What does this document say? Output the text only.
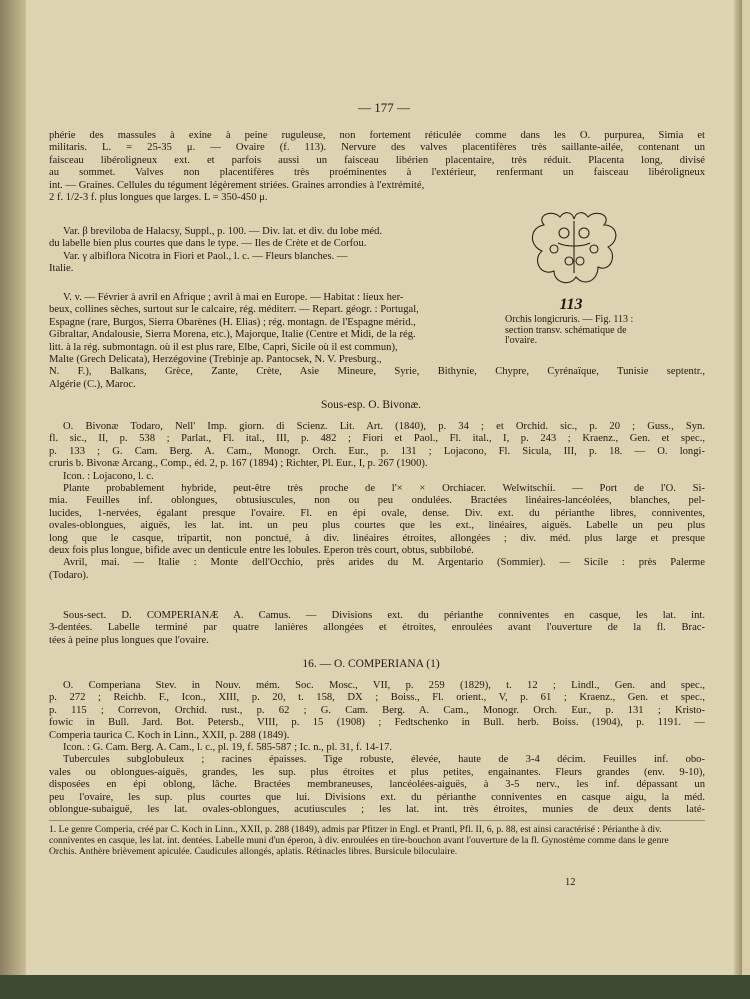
— 177 —
phérie des massules à exine à peine ruguleuse, non fortement réticulée comme dans les O. purpurea, Simia et
militaris. L. = 25-35 μ. — Ovaire (f. 113). Nervure des valves placentifères très saillante-ailée, contenant un
faisceau libéroligneux ext. et parfois aussi un faisceau libérien placentaire, très réduit. Placenta long, divisé
au sommet. Valves non placentifères très proéminentes à l'extérieur, renfermant un faisceau libéroligneux
int. — Graines. Cellules du tégument légèrement striées. Graines arrondies à l'extrémité,
2 f. 1/2-3 f. plus longues que larges. L = 350-450 μ.
Var. β breviloba de Halacsy, Suppl., p. 100. — Div. lat. et div. du lobe méd.
du labelle bien plus courtes que dans le type. — Iles de Crète et de Corfou.
Var. γ albiflora Nicotra in Fiori et Paol., l. c. — Fleurs blanches. —
Italie.
V. v. — Février à avril en Afrique ; avril à mai en Europe. — Habitat : lieux her-
beux, collines sèches, surtout sur le calcaire, rég. méditerr. — Repart. géogr. : Portugal,
Espagne (rare, Burgos, Sierra Obarènes (H. Elias) ; rég. montagn. de l'Espagne mérid.,
Gibraltar, Andalousie, Sierra Morena, etc.), Majorque, Italie (Centre et Midi, de la rég.
litt. à la rég. submontagn. où il est plus rare, Elbe, Capri, Sicile où il est commun),
Malte (Grech Delicata), Herzégovine (Trebinje ap. Pantocsek, N. V. Presburg.,
N. F.), Balkans, Grèce, Zante, Crète, Asie Mineure, Syrie, Bithynie, Chypre, Cyrénaïque, Tunisie septentr.,
Algérie (C.), Maroc.
113
Orchis longicruris. — Fig. 113 : section transv. schématique de l'ovaire.
Sous-esp. O. Bivonæ.
O. Bivonæ Todaro, Nell' Imp. giorn. di Scienz. Lit. Art. (1840), p. 34 ; et Orchid. sic., p. 20 ; Guss., Syn.
fl. sic., II, p. 538 ; Parlat., Fl. ital., III, p. 482 ; Fiori et Paol., Fl. ital., I, p. 243 ; Kraenz., Gen. et spec.,
p. 133 ; G. Cam. Berg. A. Cam., Monogr. Orch. Eur., p. 131 ; Lojacono, Fl. Sicula, III, p. 18. — O. longi-
cruris b. Bivonæ Arcang., Comp., éd. 2, p. 167 (1894) ; Richter, Pl. Eur., I, p. 267 (1900).
Icon. : Lojacono, l. c.
Plante probablement hybride, peut-être très proche de l'× × Orchiacer. Welwitschii. — Port de l'O. Si-
mia. Feuilles inf. oblongues, obtusiuscules, non ou peu ondulées. Bractées linéaires-lancéolées, blanches, pel-
lucides, 1-nervées, égalant presque l'ovaire. Fl. en épi ovale, dense. Div. ext. du périanthe libres, conniventes,
ovales-oblongues, aiguës, les lat. int. un peu plus courtes que les ext., linéaires, aiguës. Labelle un peu plus
long que le casque, tripartit, non ponctué, à div. linéaires étroites, allongées ; div. méd. plus large et presque
deux fois plus longue, bifide avec un denticule entre les lobules. Eperon très court, obtus, subbilobé.
Avril, mai. — Italie : Monte dell'Occhio, près arides du M. Argentario (Sommier). — Sicile : près Palerme
(Todaro).
Sous-sect. D. COMPERIANÆ A. Camus. — Divisions ext. du périanthe conniventes en casque, les lat. int.
3-dentées. Labelle terminé par quatre lanières allongées et étroites, enroulées avant l'ouverture de la fl. Brac-
tées à peine plus longues que l'ovaire.
16. — O. COMPERIANA (1)
O. Comperiana Stev. in Nouv. mém. Soc. Mosc., VII, p. 259 (1829), t. 12 ; Lindl., Gen. and spec.,
p. 272 ; Reichb. F., Icon., XIII, p. 20, t. 158, DX ; Boiss., Fl. orient., V, p. 61 ; Kraenz., Gen. et spec.,
p. 115 ; Correvon, Orchid. rust., p. 62 ; G. Cam. Berg. A. Cam., Monogr. Orch. Eur., p. 131 ; Kristo-
fowic in Bull. Jard. Bot. Petersb., VIII, p. 15 (1908) ; Fedtschenko in Bull. herb. Boiss. (1904), p. 1191. —
Comperia taurica C. Koch in Linn., XXII, p. 288 (1849).
Icon. : G. Cam. Berg. A. Cam., l. c., pl. 19, f. 585-587 ; Ic. n., pl. 31, f. 14-17.
Tubercules subglobuleux ; racines épaisses. Tige robuste, élevée, haute de 3-4 décim. Feuilles inf. obo-
vales ou oblongues-aiguës, grandes, les sup. plus étroites et plus petites, engainantes. Fleurs grandes (env. 9-10),
disposées en épi oblong, lâche. Bractées membraneuses, lancéolées-aiguës, à 3-5 nerv., les inf. dépassant un
peu l'ovaire, les sup. plus courtes que lui. Divisions ext. du périanthe conniventes en casque aigu, la méd.
oblongue-subaiguë, les lat. ovales-oblongues, acutiuscules ; les lat. int. très étroites, munies de deux dents laté-
1. Le genre Comperia, créé par C. Koch in Linn., XXII, p. 288 (1849), admis par Pfitzer in Engl. et Prantl, Pfl. II, 6, p. 88, est ainsi caractérisé : Périanthe à div. conniventes en casque, les lat. int. dentées. Labelle muni d'un éperon, à div. enroulées en tire-bouchon avant l'ouverture de la fl. Gynostème comme dans le genre Orchis. Anthère brièvement apiculée. Caudicules allongés, aplatis. Rétinacles libres. Bursicule biloculaire.
12
